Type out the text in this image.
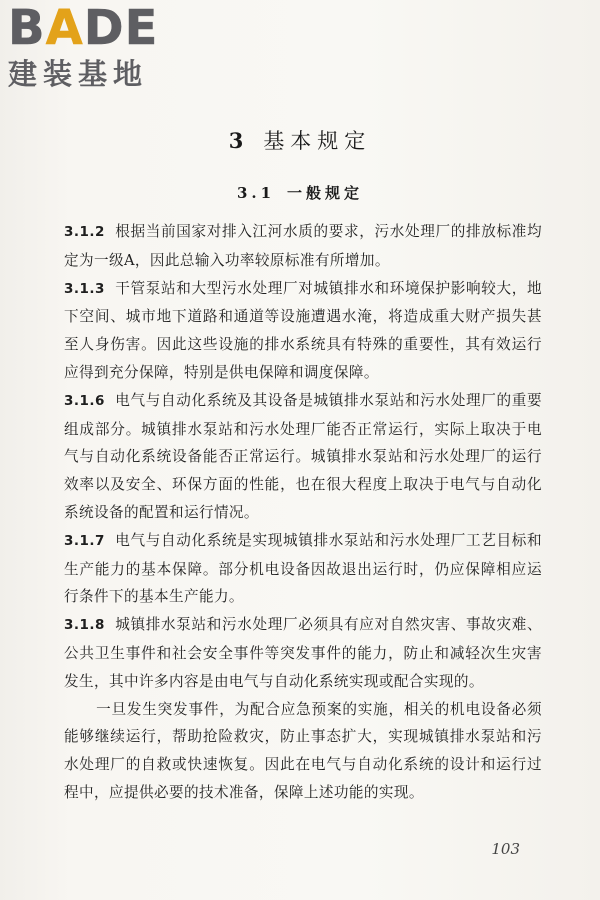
BADE
建装基地
3 基本规定
3.1 一般规定

3.1.2 根据当前国家对排入江河水质的要求，污水处理厂的排放标准均定为一级A，因此总输入功率较原标准有所增加。

3.1.3 干管泵站和大型污水处理厂对城镇排水和环境保护影响较大，地下空间、城市地下道路和通道等设施遭遇水淹，将造成重大财产损失甚至人身伤害。因此这些设施的排水系统具有特殊的重要性，其有效运行应得到充分保障，特别是供电保障和调度保障。

3.1.6 电气与自动化系统及其设备是城镇排水泵站和污水处理厂的重要组成部分。城镇排水泵站和污水处理厂能否正常运行，实际上取决于电气与自动化系统设备能否正常运行。城镇排水泵站和污水处理厂的运行效率以及安全、环保方面的性能，也在很大程度上取决于电气与自动化系统设备的配置和运行情况。

3.1.7 电气与自动化系统是实现城镇排水泵站和污水处理厂工艺目标和生产能力的基本保障。部分机电设备因故退出运行时，仍应保障相应运行条件下的基本生产能力。

3.1.8 城镇排水泵站和污水处理厂必须具有应对自然灾害、事故灾难、公共卫生事件和社会安全事件等突发事件的能力，防止和减轻次生灾害发生，其中许多内容是由电气与自动化系统实现或配合实现的。

一旦发生突发事件，为配合应急预案的实施，相关的机电设备必须能够继续运行，帮助抢险救灾，防止事态扩大，实现城镇排水泵站和污水处理厂的自救或快速恢复。因此在电气与自动化系统的设计和运行过程中，应提供必要的技术准备，保障上述功能的实现。

103
